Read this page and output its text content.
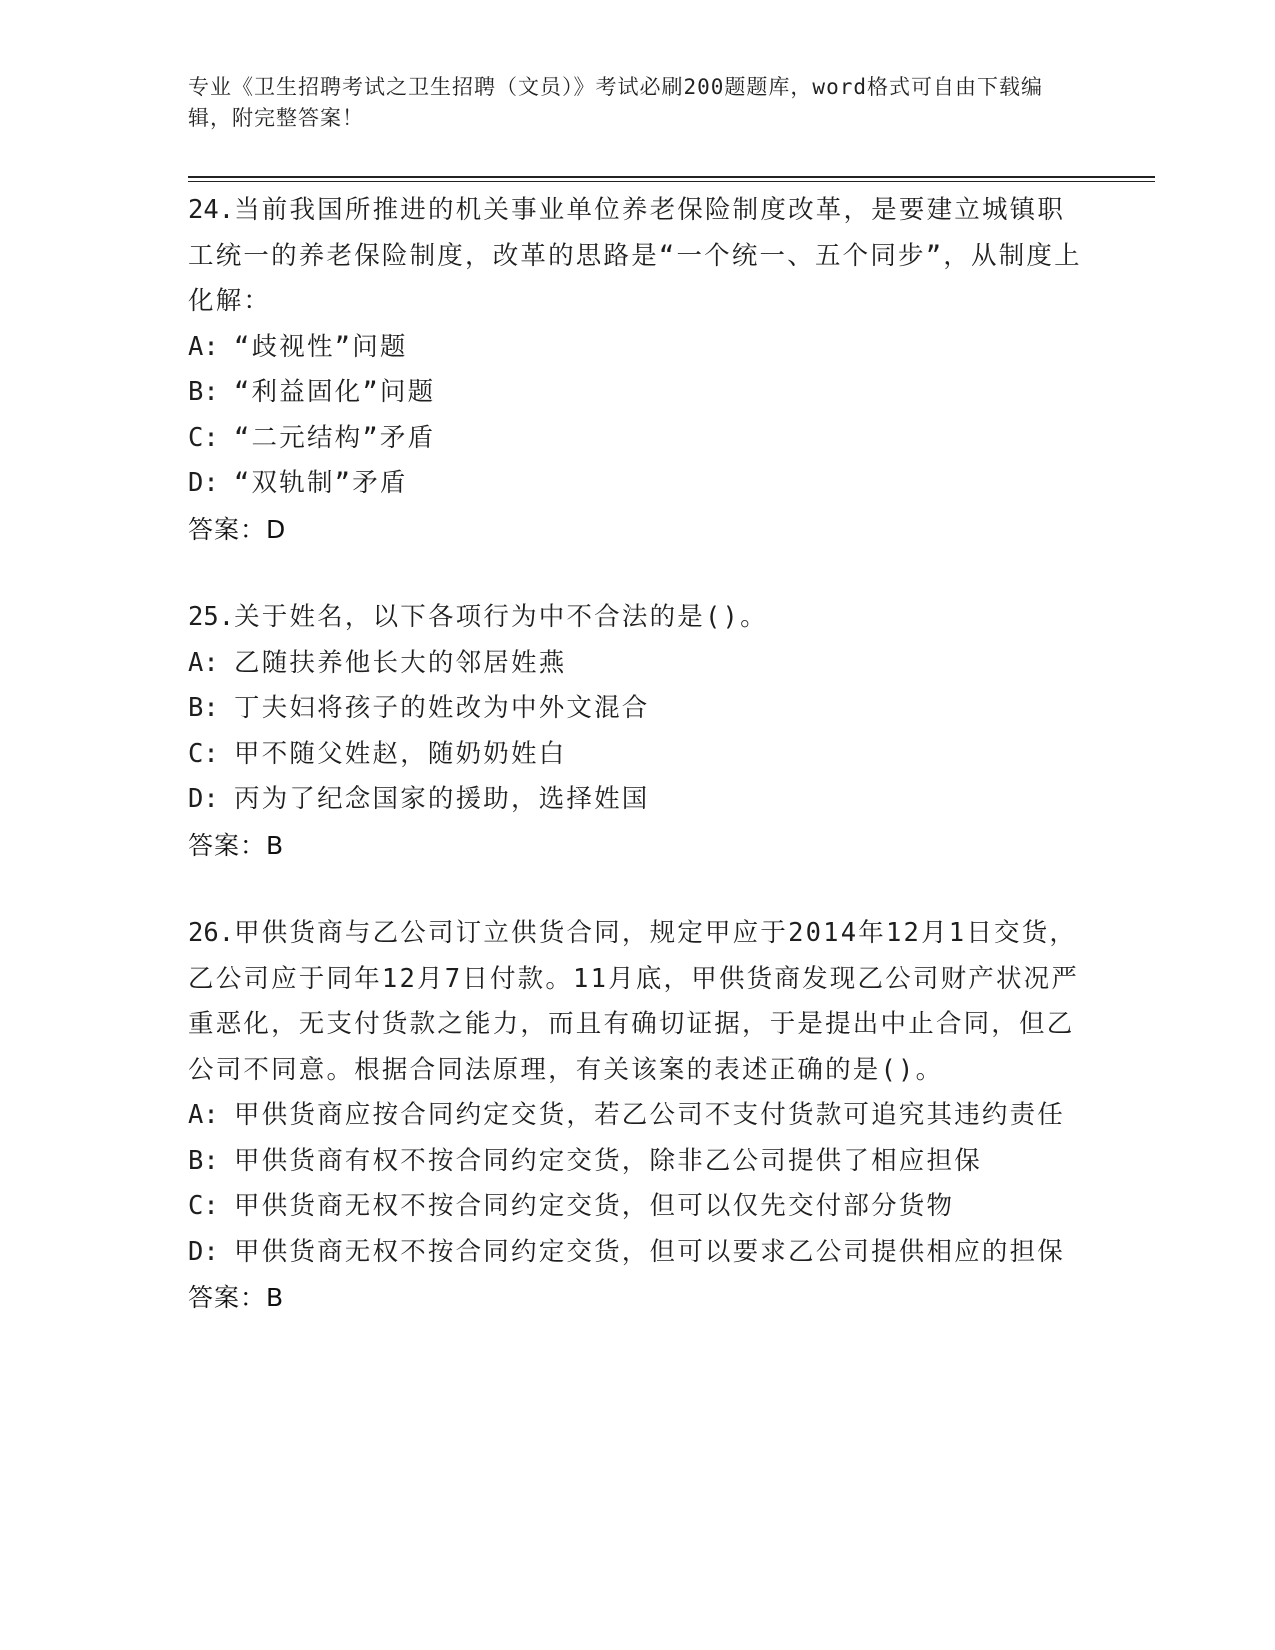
专业《卫生招聘考试之卫生招聘（文员）》考试必刷200题题库，word格式可自由下载编辑，附完整答案！

24.当前我国所推进的机关事业单位养老保险制度改革，是要建立城镇职工统一的养老保险制度，改革的思路是“一个统一、五个同步”，从制度上化解：

A: “歧视性”问题

B: “利益固化”问题

C: “二元结构”矛盾

D: “双轨制”矛盾

答案：D

25.关于姓名，以下各项行为中不合法的是()。

A: 乙随扶养他长大的邻居姓燕

B: 丁夫妇将孩子的姓改为中外文混合

C: 甲不随父姓赵，随奶奶姓白

D: 丙为了纪念国家的援助，选择姓国

答案：B

26.甲供货商与乙公司订立供货合同，规定甲应于2014年12月1日交货，乙公司应于同年12月7日付款。11月底，甲供货商发现乙公司财产状况严重恶化，无支付货款之能力，而且有确切证据，于是提出中止合同，但乙公司不同意。根据合同法原理，有关该案的表述正确的是()。

A: 甲供货商应按合同约定交货，若乙公司不支付货款可追究其违约责任

B: 甲供货商有权不按合同约定交货，除非乙公司提供了相应担保

C: 甲供货商无权不按合同约定交货，但可以仅先交付部分货物

D: 甲供货商无权不按合同约定交货，但可以要求乙公司提供相应的担保

答案：B
